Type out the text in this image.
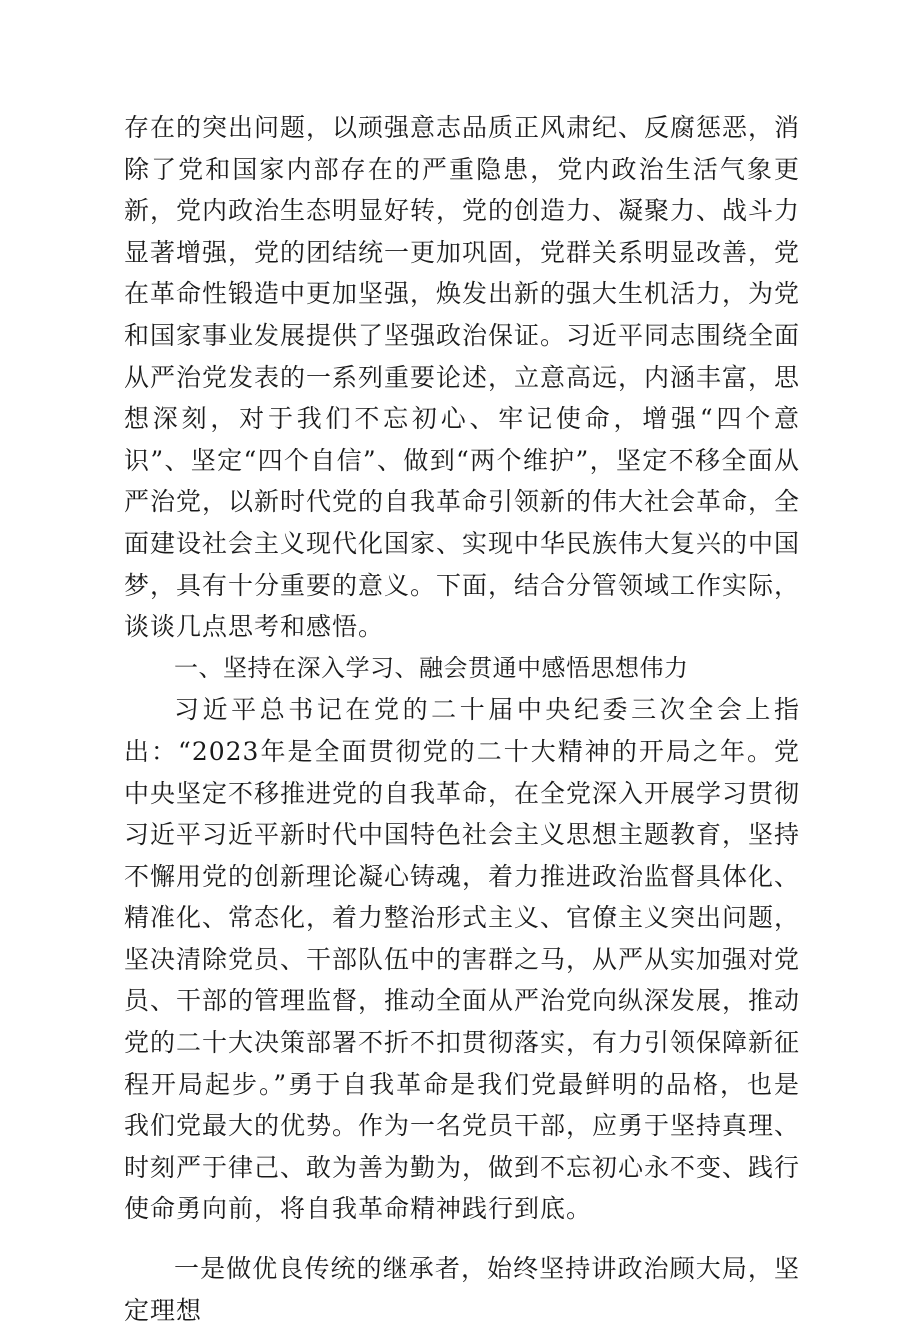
存在的突出问题，以顽强意志品质正风肃纪、反腐惩恶，消除了党和国家内部存在的严重隐患，党内政治生活气象更新，党内政治生态明显好转，党的创造力、凝聚力、战斗力显著增强，党的团结统一更加巩固，党群关系明显改善，党在革命性锻造中更加坚强，焕发出新的强大生机活力，为党和国家事业发展提供了坚强政治保证。习近平同志围绕全面从严治党发表的一系列重要论述，立意高远，内涵丰富，思想深刻，对于我们不忘初心、牢记使命，增强“四个意识”、坚定“四个自信”、做到“两个维护”，坚定不移全面从严治党，以新时代党的自我革命引领新的伟大社会革命，全面建设社会主义现代化国家、实现中华民族伟大复兴的中国梦，具有十分重要的意义。下面，结合分管领域工作实际，谈谈几点思考和感悟。

一、坚持在深入学习、融会贯通中感悟思想伟力

习近平总书记在党的二十届中央纪委三次全会上指出：“2023年是全面贯彻党的二十大精神的开局之年。党中央坚定不移推进党的自我革命，在全党深入开展学习贯彻习近平习近平新时代中国特色社会主义思想主题教育，坚持不懈用党的创新理论凝心铸魂，着力推进政治监督具体化、精准化、常态化，着力整治形式主义、官僚主义突出问题，坚决清除党员、干部队伍中的害群之马，从严从实加强对党员、干部的管理监督，推动全面从严治党向纵深发展，推动党的二十大决策部署不折不扣贯彻落实，有力引领保障新征程开局起步。”勇于自我革命是我们党最鲜明的品格，也是我们党最大的优势。作为一名党员干部，应勇于坚持真理、时刻严于律己、敢为善为勤为，做到不忘初心永不变、践行使命勇向前，将自我革命精神践行到底。

一是做优良传统的继承者，始终坚持讲政治顾大局，坚定理想
